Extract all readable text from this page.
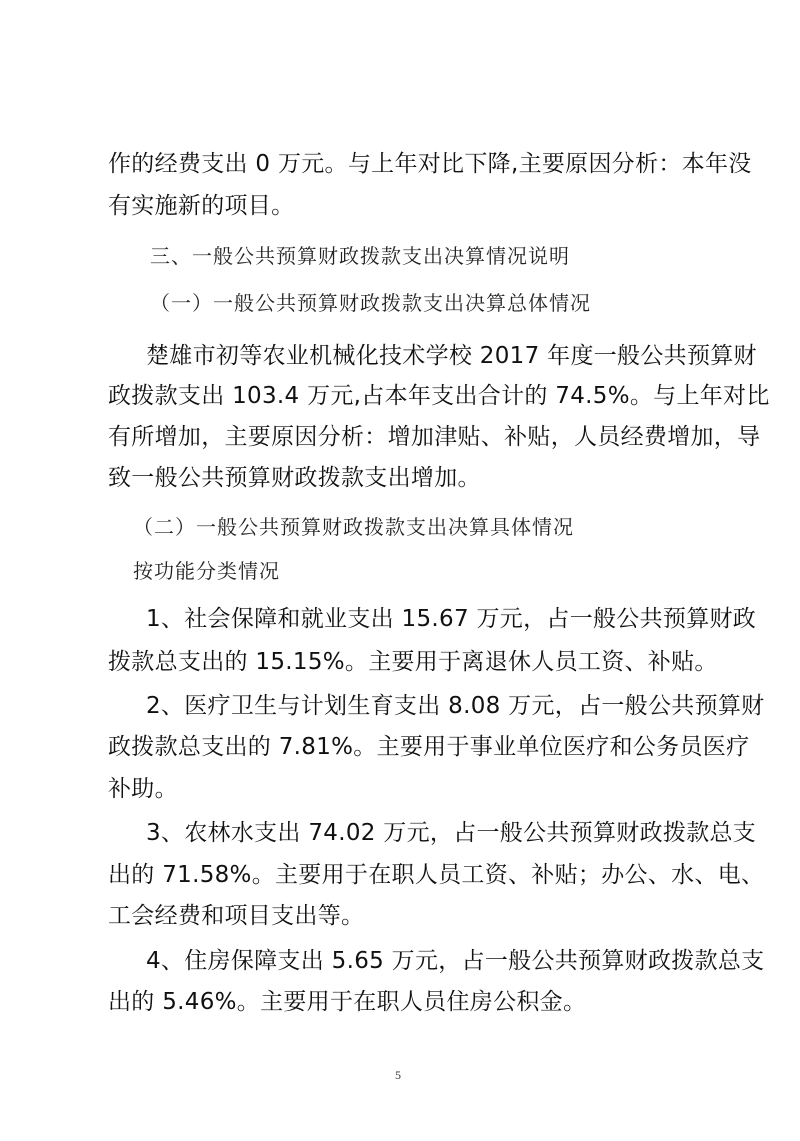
作的经费支出 0 万元。与上年对比下降,主要原因分析：本年没

有实施新的项目。

三、一般公共预算财政拨款支出决算情况说明

（一）一般公共预算财政拨款支出决算总体情况

楚雄市初等农业机械化技术学校 2017 年度一般公共预算财

政拨款支出 103.4 万元,占本年支出合计的 74.5%。与上年对比

有所增加，主要原因分析：增加津贴、补贴，人员经费增加，导

致一般公共预算财政拨款支出增加。

（二）一般公共预算财政拨款支出决算具体情况

按功能分类情况

1、社会保障和就业支出 15.67 万元，占一般公共预算财政

拨款总支出的 15.15%。主要用于离退休人员工资、补贴。

2、医疗卫生与计划生育支出 8.08 万元，占一般公共预算财

政拨款总支出的 7.81%。主要用于事业单位医疗和公务员医疗

补助。

3、农林水支出 74.02 万元，占一般公共预算财政拨款总支

出的 71.58%。主要用于在职人员工资、补贴；办公、水、电、

工会经费和项目支出等。

4、住房保障支出 5.65 万元，占一般公共预算财政拨款总支

出的 5.46%。主要用于在职人员住房公积金。

5
